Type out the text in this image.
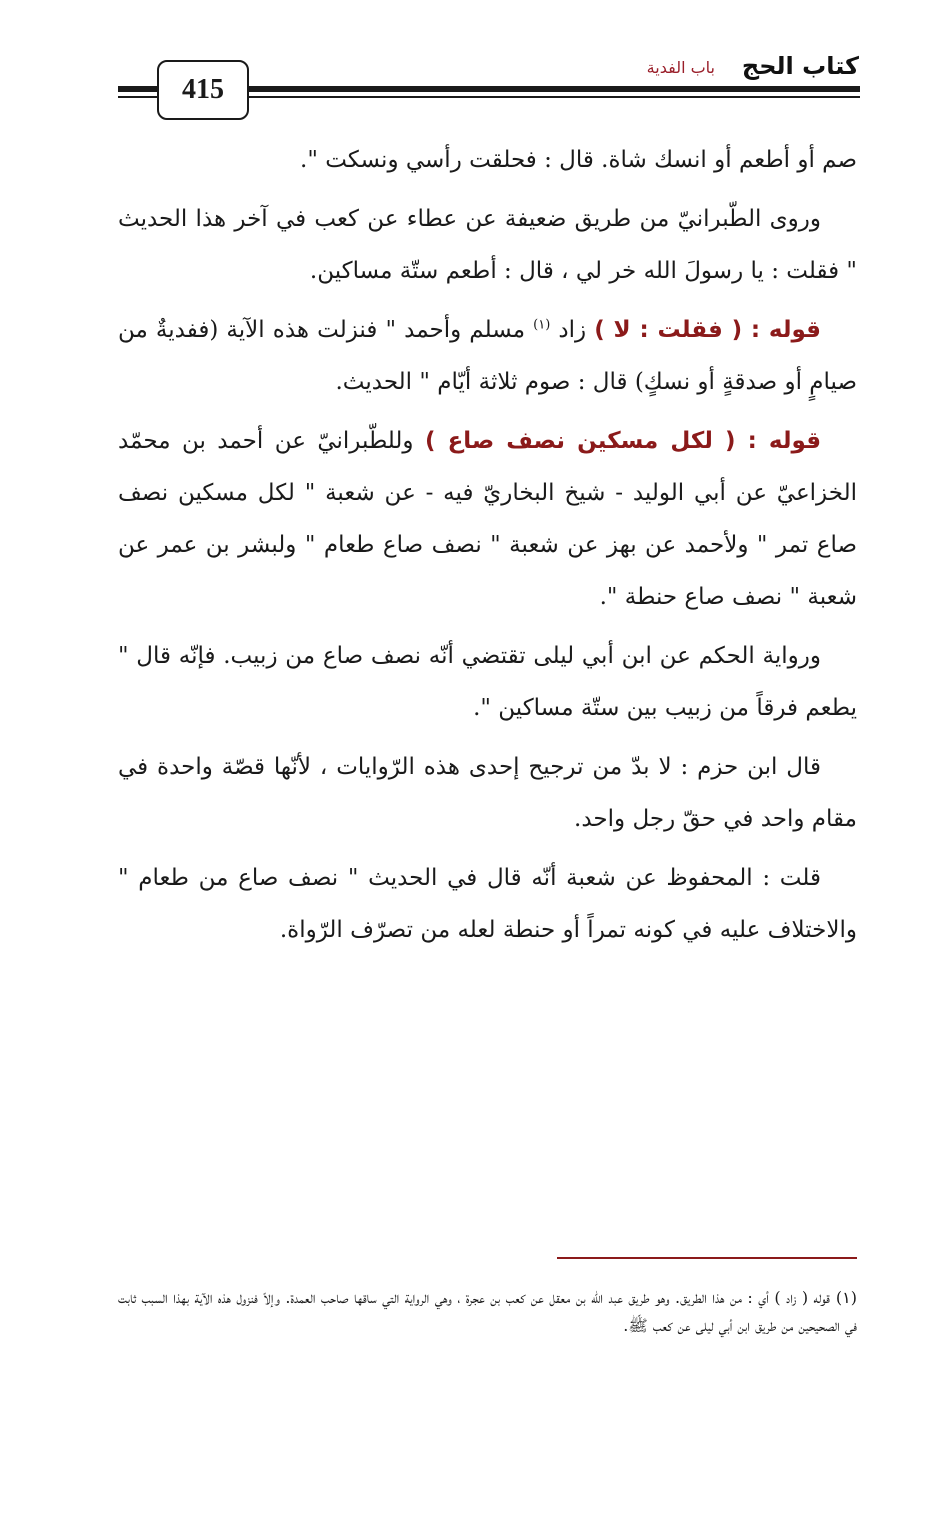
415
كتاب الحج
باب الفدية

صم أو أطعم أو انسك شاة. قال : فحلقت رأسي ونسكت ".

وروى الطّبرانيّ من طريق ضعيفة عن عطاء عن كعب في آخر هذا الحديث " فقلت : يا رسولَ الله خر لي ، قال : أطعم ستّة مساكين.

قوله : ( فقلت : لا ) زاد $^{(١)}$ مسلم وأحمد " فنزلت هذه الآية (ففديةٌ من صيامٍ أو صدقةٍ أو نسكٍ) قال : صوم ثلاثة أيّام " الحديث.

قوله : ( لكل مسكين نصف صاع ) وللطّبرانيّ عن أحمد بن محمّد الخزاعيّ عن أبي الوليد - شيخ البخاريّ فيه - عن شعبة " لكل مسكين نصف صاع تمر " ولأحمد عن بهز عن شعبة " نصف صاع طعام " ولبشر بن عمر عن شعبة " نصف صاع حنطة ".

ورواية الحكم عن ابن أبي ليلى تقتضي أنّه نصف صاع من زبيب. فإنّه قال " يطعم فرقاً من زبيب بين ستّة مساكين ".

قال ابن حزم : لا بدّ من ترجيح إحدى هذه الرّوايات ، لأنّها قصّة واحدة في مقام واحد في حقّ رجل واحد.

قلت : المحفوظ عن شعبة أنّه قال في الحديث " نصف صاع من طعام " والاختلاف عليه في كونه تمراً أو حنطة لعله من تصرّف الرّواة.

(١)قوله ( زاد ) أي : من هذا الطريق. وهو طريق عبد الله بن معقل عن كعب بن عجرة ، وهي الرواية التي ساقها صاحب العمدة. وإلاّ فنزول هذه الآية بهذا السبب ثابت في الصحيحين من طريق ابن أبي ليلى عن كعب ﷺ.
